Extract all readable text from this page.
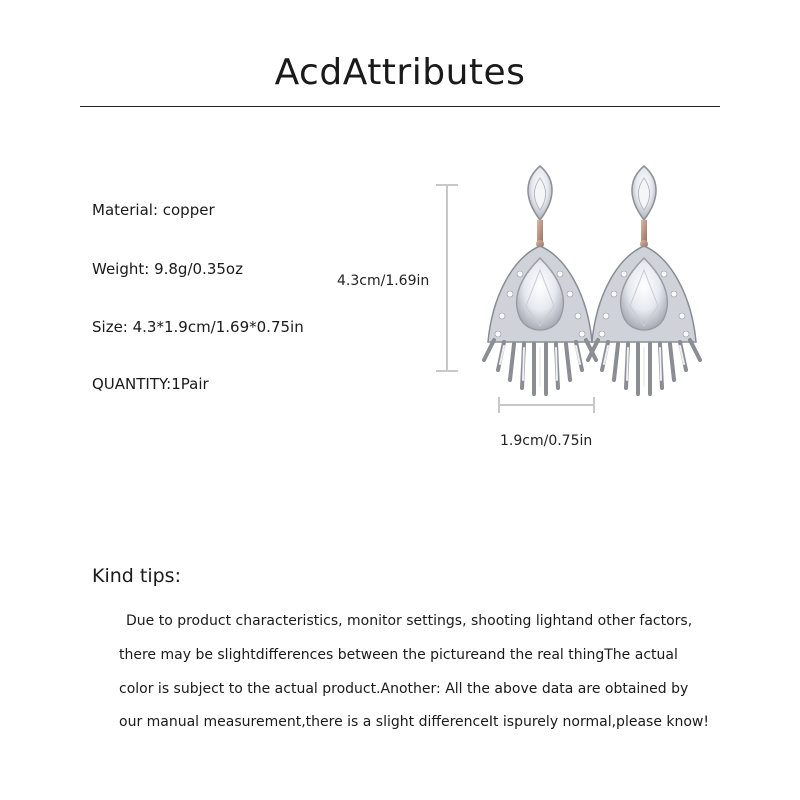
AcdAttributes
Material: copper
Weight: 9.8g/0.35oz
Size: 4.3*1.9cm/1.69*0.75in
QUANTITY:1Pair
4.3cm/1.69in
1.9cm/0.75in
Kind tips:
Due to product characteristics, monitor settings, shooting lightand other factors,
there may be slightdifferences between the pictureand the real thingThe actual
color is subject to the actual product.Another: All the above data are obtained by
our manual measurement,there is a slight differenceIt ispurely normal,please know!
